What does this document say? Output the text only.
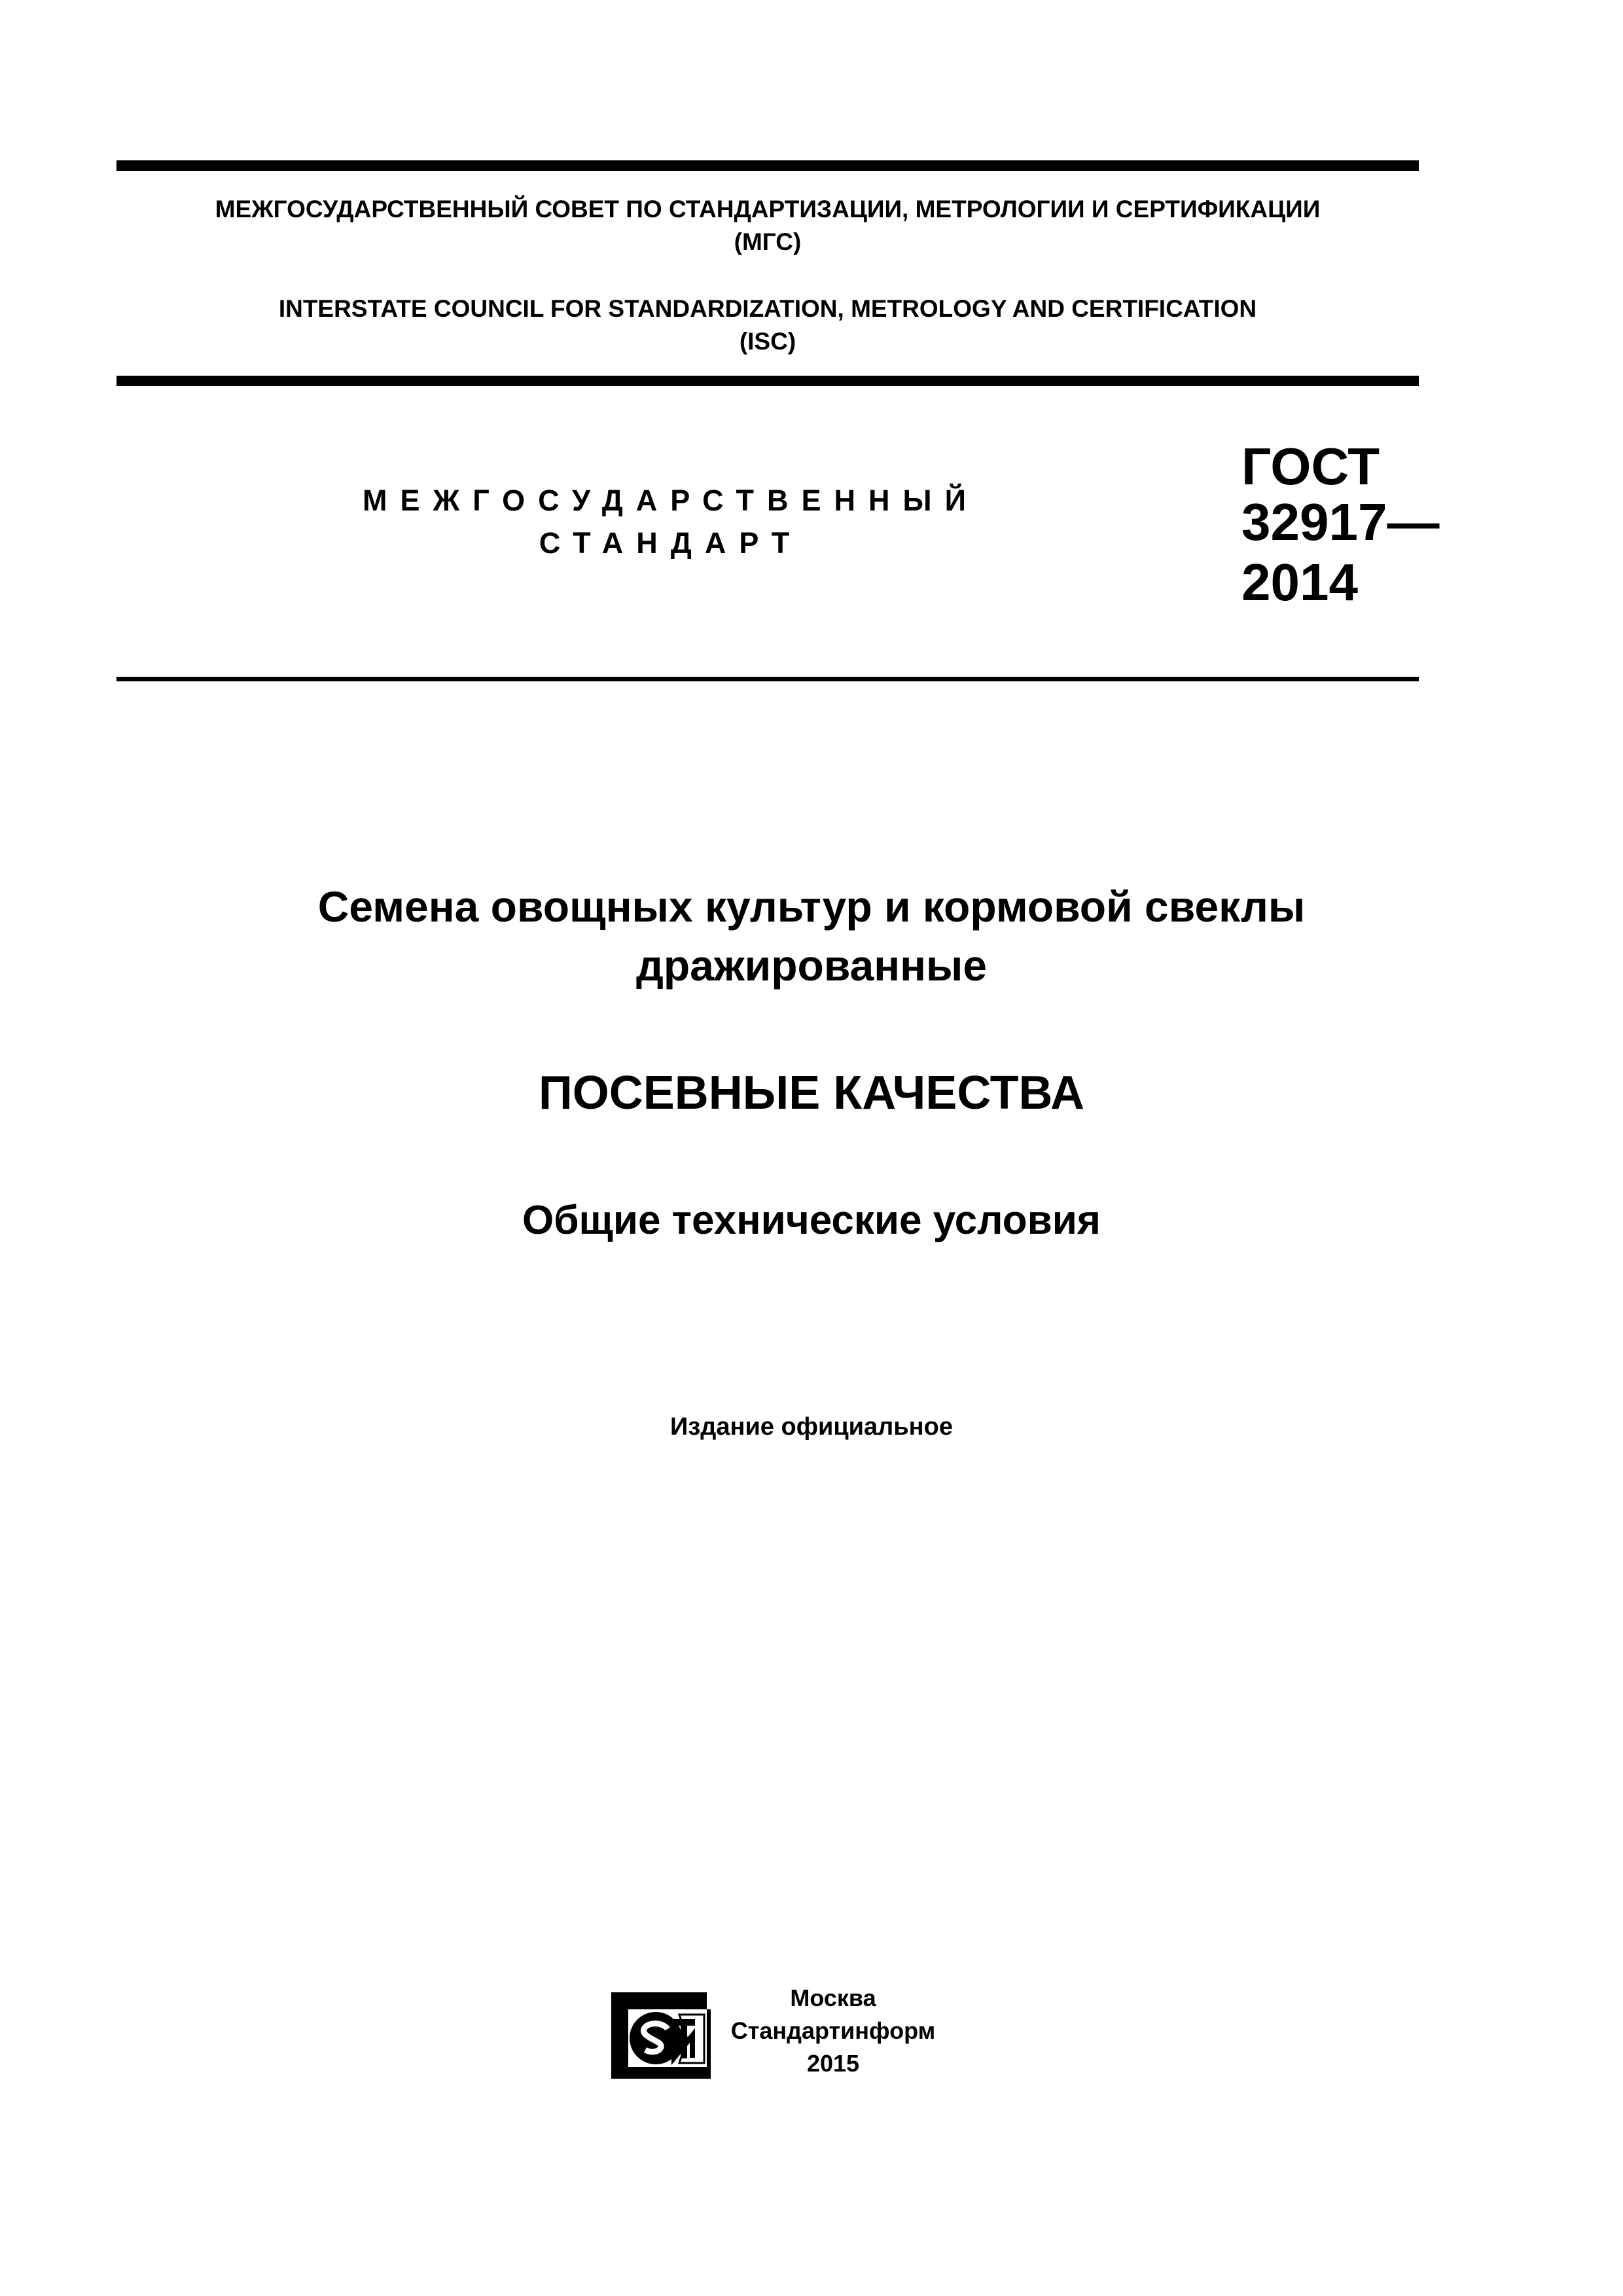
МЕЖГОСУДАРСТВЕННЫЙ СОВЕТ ПО СТАНДАРТИЗАЦИИ, МЕТРОЛОГИИ И СЕРТИФИКАЦИИ
(МГС)
INTERSTATE COUNCIL FOR STANDARDIZATION, METROLOGY AND CERTIFICATION
(ISC)
МЕЖГОСУДАРСТВЕННЫЙ
СТАНДАРТ
ГОСТ
32917—
2014
Семена овощных культур и кормовой свеклы
дражированные
ПОСЕВНЫЕ КАЧЕСТВА
Общие технические условия
Издание официальное
Москва
Стандартинформ
2015
